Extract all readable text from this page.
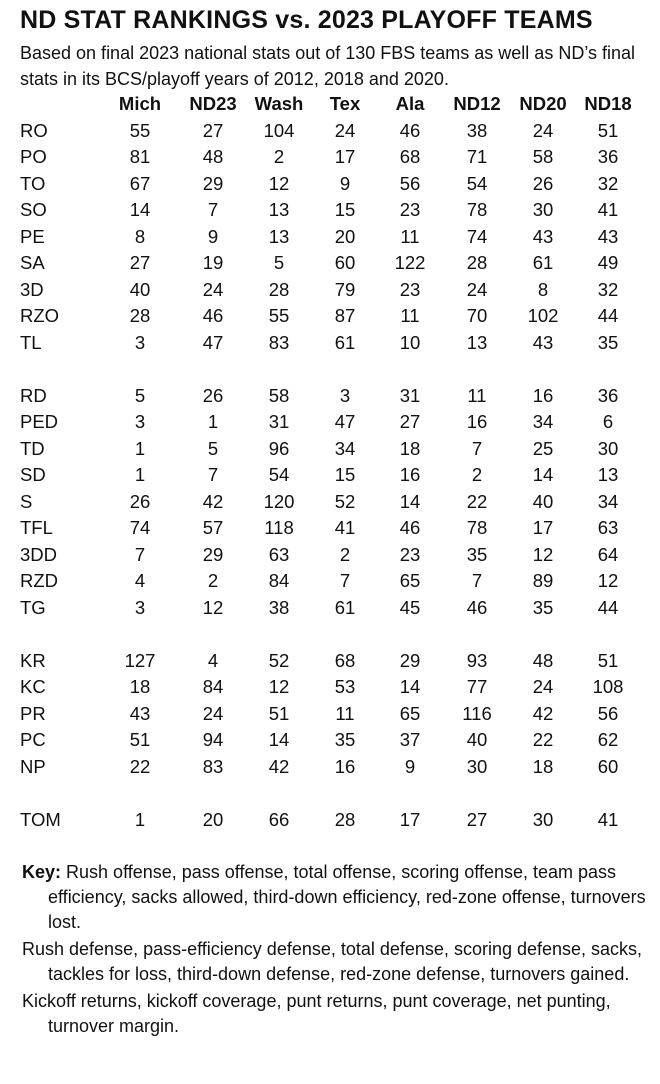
ND STAT RANKINGS vs. 2023 PLAYOFF TEAMS
Based on final 2023 national stats out of 130 FBS teams as well as ND’s final stats in its BCS/playoff years of 2012, 2018 and 2020.
	Mich	ND23	Wash	Tex	Ala	ND12	ND20	ND18
RO	55	27	104	24	46	38	24	51
PO	81	48	2	17	68	71	58	36
TO	67	29	12	9	56	54	26	32
SO	14	7	13	15	23	78	30	41
PE	8	9	13	20	11	74	43	43
SA	27	19	5	60	122	28	61	49
3D	40	24	28	79	23	24	8	32
RZO	28	46	55	87	11	70	102	44
TL	3	47	83	61	10	13	43	35

RD	5	26	58	3	31	11	16	36
PED	3	1	31	47	27	16	34	6
TD	1	5	96	34	18	7	25	30
SD	1	7	54	15	16	2	14	13
S	26	42	120	52	14	22	40	34
TFL	74	57	118	41	46	78	17	63
3DD	7	29	63	2	23	35	12	64
RZD	4	2	84	7	65	7	89	12
TG	3	12	38	61	45	46	35	44

KR	127	4	52	68	29	93	48	51
KC	18	84	12	53	14	77	24	108
PR	43	24	51	11	65	116	42	56
PC	51	94	14	35	37	40	22	62
NP	22	83	42	16	9	30	18	60

TOM	1	20	66	28	17	27	30	41

Key: Rush offense, pass offense, total offense, scoring offense, team pass efficiency, sacks allowed, third-down efficiency, red-zone offense, turnovers lost.

Rush defense, pass-efficiency defense, total defense, scoring defense, sacks, tackles for loss, third-down defense, red-zone defense, turnovers gained.

Kickoff returns, kickoff coverage, punt returns, punt coverage, net punting, turnover margin.
